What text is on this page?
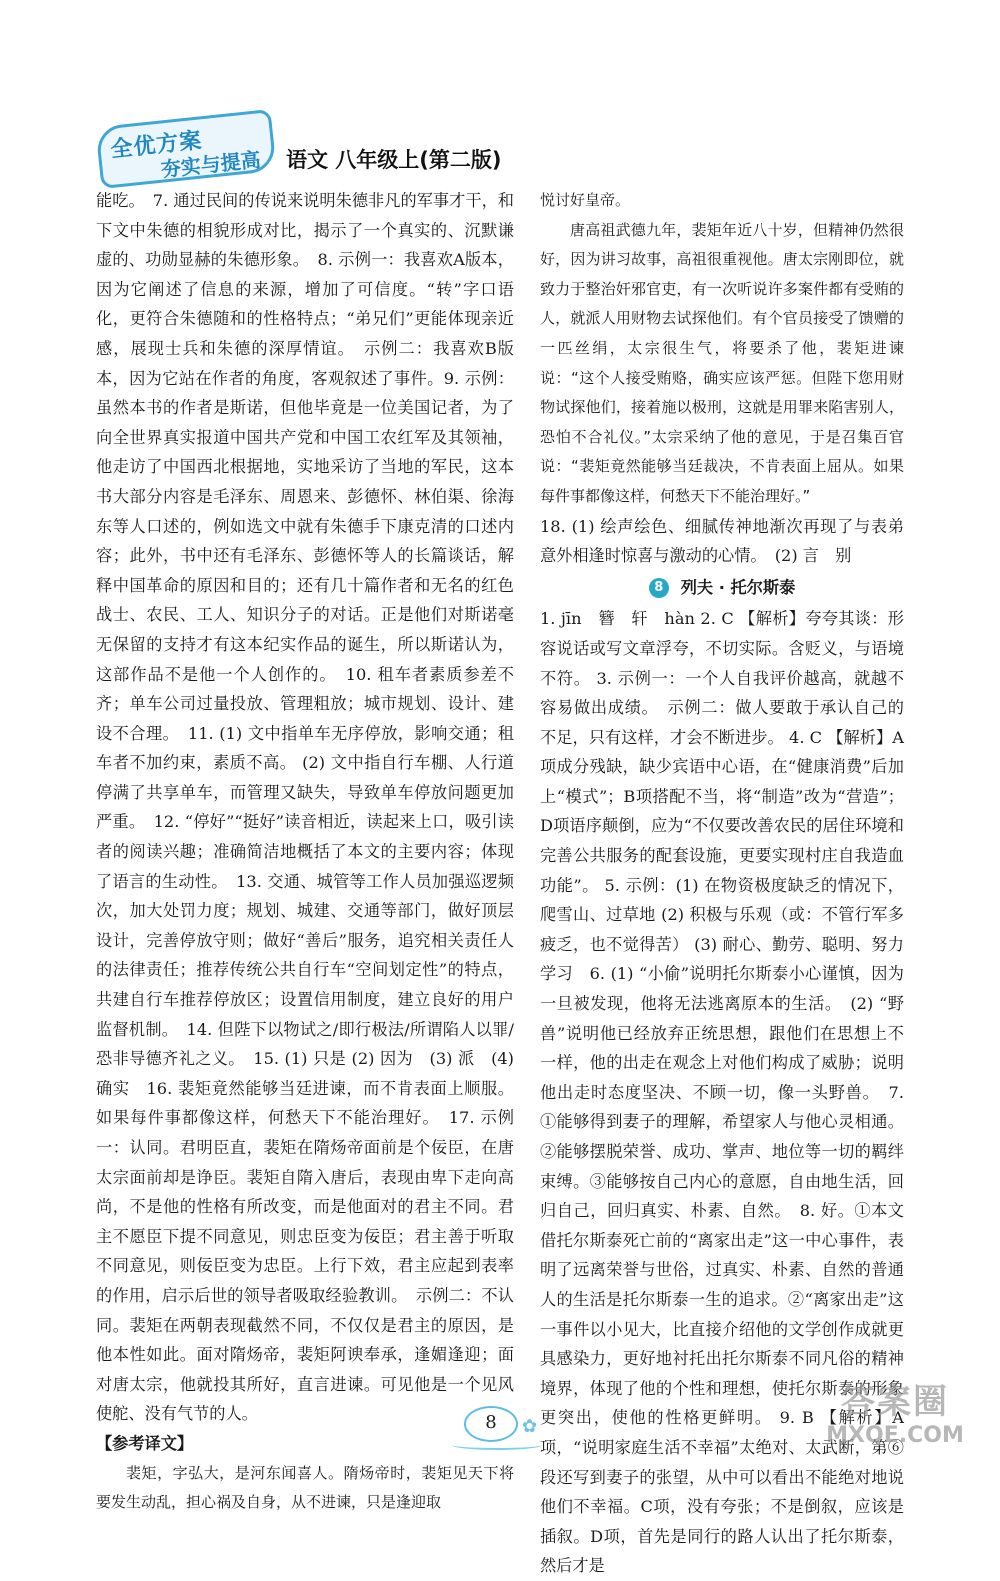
全优方案
夯实与提高 语文 八年级上(第二版)

能吃。　7. 通过民间的传说来说明朱德非凡的军事才干，和下文中朱德的相貌形成对比，揭示了一个真实的、沉默谦虚的、功勋显赫的朱德形象。　8. 示例一：我喜欢A版本，因为它阐述了信息的来源，增加了可信度。“转”字口语化，更符合朱德随和的性格特点；“弟兄们”更能体现亲近感，展现士兵和朱德的深厚情谊。　示例二：我喜欢B版本，因为它站在作者的角度，客观叙述了事件。9. 示例：虽然本书的作者是斯诺，但他毕竟是一位美国记者，为了向全世界真实报道中国共产党和中国工农红军及其领袖，他走访了中国西北根据地，实地采访了当地的军民，这本书大部分内容是毛泽东、周恩来、彭德怀、林伯渠、徐海东等人口述的，例如选文中就有朱德手下康克清的口述内容；此外，书中还有毛泽东、彭德怀等人的长篇谈话，解释中国革命的原因和目的；还有几十篇作者和无名的红色战士、农民、工人、知识分子的对话。正是他们对斯诺毫无保留的支持才有这本纪实作品的诞生，所以斯诺认为，这部作品不是他一个人创作的。　10. 租车者素质参差不齐；单车公司过量投放、管理粗放；城市规划、设计、建设不合理。　11. (1) 文中指单车无序停放，影响交通；租车者不加约束，素质不高。 (2) 文中指自行车棚、人行道停满了共享单车，而管理又缺失，导致单车停放问题更加严重。　12. “停好”“挺好”读音相近，读起来上口，吸引读者的阅读兴趣；准确简洁地概括了本文的主要内容；体现了语言的生动性。　13. 交通、城管等工作人员加强巡逻频次，加大处罚力度；规划、城建、交通等部门，做好顶层设计，完善停放守则；做好“善后”服务，追究相关责任人的法律责任；推荐传统公共自行车“空间划定性”的特点，共建自行车推荐停放区；设置信用制度，建立良好的用户监督机制。　14. 但陛下以物试之/即行极法/所谓陷人以罪/恐非导德齐礼之义。　15. (1) 只是 (2) 因为　(3) 派　(4) 确实　16. 裴矩竟然能够当廷进谏，而不肯表面上顺服。如果每件事都像这样，何愁天下不能治理好。　17. 示例一：认同。君明臣直，裴矩在隋炀帝面前是个佞臣，在唐太宗面前却是诤臣。裴矩自隋入唐后，表现由卑下走向高尚，不是他的性格有所改变，而是他面对的君主不同。君主不愿臣下提不同意见，则忠臣变为佞臣；君主善于听取不同意见，则佞臣变为忠臣。上行下效，君主应起到表率的作用，启示后世的领导者吸取经验教训。　示例二：不认同。裴矩在两朝表现截然不同，不仅仅是君主的原因，是他本性如此。面对隋炀帝，裴矩阿谀奉承，逢媚逢迎；面对唐太宗，他就投其所好，直言进谏。可见他是一个见风使舵、没有气节的人。

【参考译文】

裴矩，字弘大，是河东闻喜人。隋炀帝时，裴矩见天下将要发生动乱，担心祸及自身，从不进谏，只是逢迎取

悦讨好皇帝。

唐高祖武德九年，裴矩年近八十岁，但精神仍然很好，因为讲习故事，高祖很重视他。唐太宗刚即位，就致力于整治奸邪官吏，有一次听说许多案件都有受贿的人，就派人用财物去试探他们。有个官员接受了馈赠的一匹丝绢，太宗很生气，将要杀了他，裴矩进谏说：“这个人接受贿赂，确实应该严惩。但陛下您用财物试探他们，接着施以极刑，这就是用罪来陷害别人，恐怕不合礼仪。”太宗采纳了他的意见，于是召集百官说：“裴矩竟然能够当廷裁决，不肯表面上屈从。如果每件事都像这样，何愁天下不能治理好。”

18. (1) 绘声绘色、细腻传神地渐次再现了与表弟意外相逢时惊喜与激动的心情。　(2) 言　别

8 列夫 · 托尔斯泰

1. jīn　簪　轩　hàn 2. C 【解析】夸夸其谈：形容说话或写文章浮夸，不切实际。含贬义，与语境不符。 3. 示例一：一个人自我评价越高，就越不容易做出成绩。　示例二：做人要敢于承认自己的不足，只有这样，才会不断进步。 4. C 【解析】A项成分残缺，缺少宾语中心语，在“健康消费”后加上“模式”；B项搭配不当，将“制造”改为“营造”；D项语序颠倒，应为“不仅要改善农民的居住环境和完善公共服务的配套设施，更要实现村庄自我造血功能”。 5. 示例：(1) 在物资极度缺乏的情况下，爬雪山、过草地 (2) 积极与乐观（或：不管行军多疲乏，也不觉得苦） (3) 耐心、勤劳、聪明、努力学习　6. (1) “小偷”说明托尔斯泰小心谨慎，因为一旦被发现，他将无法逃离原本的生活。　(2) “野兽”说明他已经放弃正统思想，跟他们在思想上不一样，他的出走在观念上对他们构成了威胁；说明他出走时态度坚决、不顾一切，像一头野兽。　7. ①能够得到妻子的理解，希望家人与他心灵相通。②能够摆脱荣誉、成功、掌声、地位等一切的羁绊束缚。③能够按自己内心的意愿，自由地生活，回归自己，回归真实、朴素、自然。　8. 好。①本文借托尔斯泰死亡前的“离家出走”这一中心事件，表明了远离荣誉与世俗，过真实、朴素、自然的普通人的生活是托尔斯泰一生的追求。②“离家出走”这一事件以小见大，比直接介绍他的文学创作成就更具感染力，更好地衬托出托尔斯泰不同凡俗的精神境界，体现了他的个性和理想，使托尔斯泰的形象更突出，使他的性格更鲜明。 9. B 【解析】A项，“说明家庭生活不幸福”太绝对、太武断，第⑥段还写到妻子的张望，从中可以看出不能绝对地说他们不幸福。C项，没有夸张；不是倒叙，应该是插叙。D项，首先是同行的路人认出了托尔斯泰，然后才是

8	✿
答案圈
MXQE.COM
